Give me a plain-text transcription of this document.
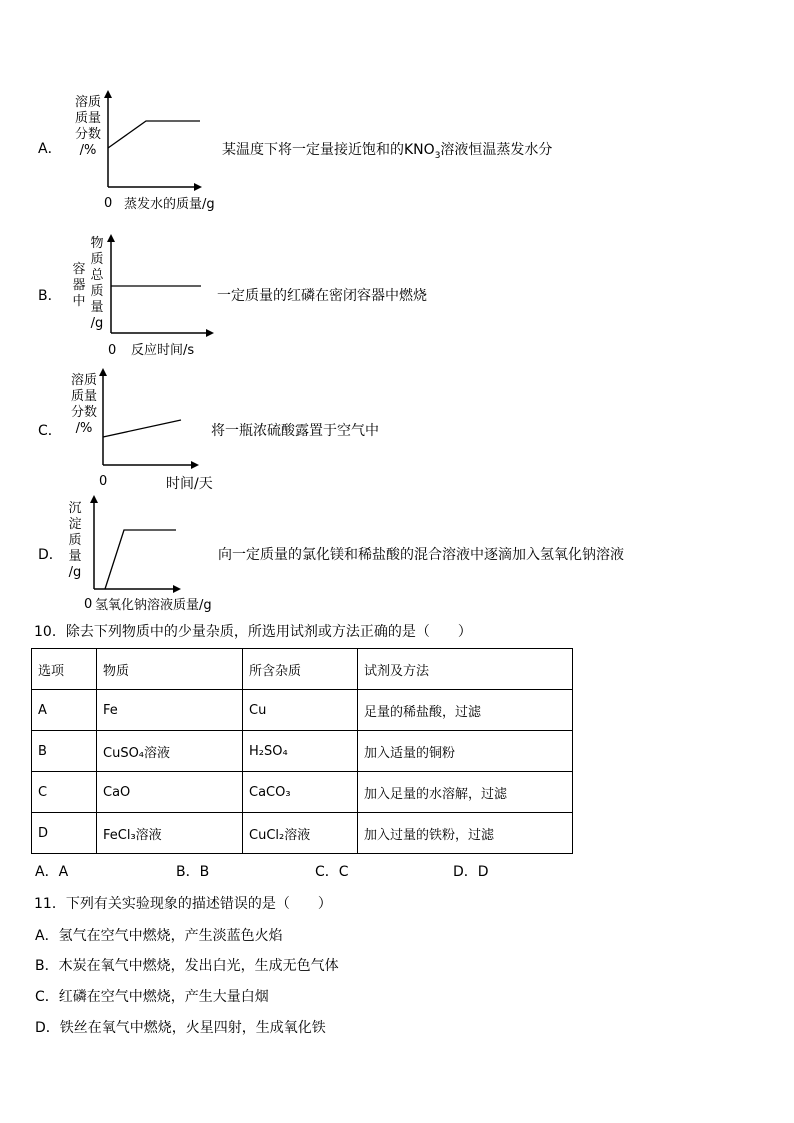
A．
溶质
质量
分数
/%
0 蒸发水的质量/g
某温度下将一定量接近饱和的$KNO_3$溶液恒温蒸发水分
B．
容
器
中
物
质
总
质
量
/g
0 反应时间/s
一定质量的红磷在密闭容器中燃烧
C．
溶质
质量
分数
/%
0	时间/天
将一瓶浓硫酸露置于空气中
D．
沉
淀
质
量
/g
0 氢氧化钠溶液质量/g
向一定质量的氯化镁和稀盐酸的混合溶液中逐滴加入氢氧化钠溶液
10．除去下列物质中的少量杂质，所选用试剂或方法正确的是（　　）
选项	物质	所含杂质	试剂及方法
A	Fe	Cu	足量的稀盐酸，过滤
B	CuSO₄溶液	H₂SO₄	加入适量的铜粉
C	CaO	CaCO₃	加入足量的水溶解，过滤
D	FeCl₃溶液	CuCl₂溶液	加入过量的铁粉，过滤
A．A	B．B	C．C	D．D
11．下列有关实验现象的描述错误的是（　　）
A．氢气在空气中燃烧，产生淡蓝色火焰
B．木炭在氧气中燃烧，发出白光，生成无色气体
C．红磷在空气中燃烧，产生大量白烟
D．铁丝在氧气中燃烧，火星四射，生成氧化铁
